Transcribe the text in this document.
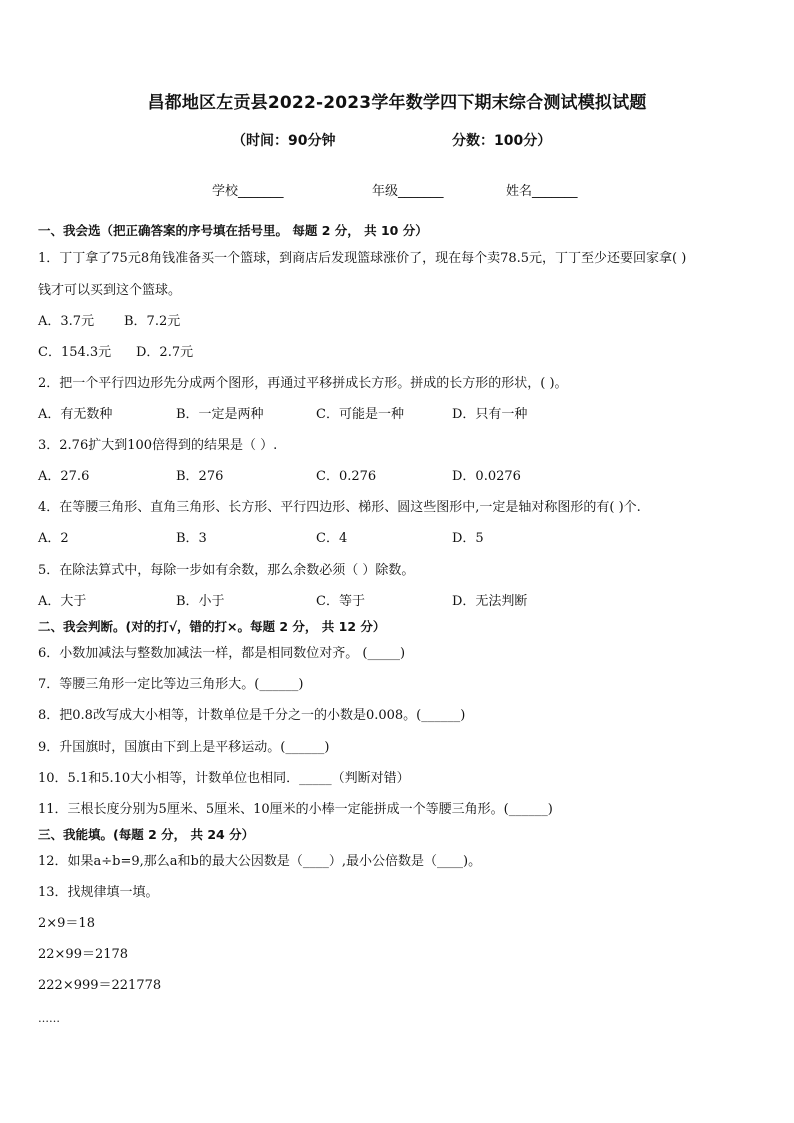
昌都地区左贡县2022-2023学年数学四下期末综合测试模拟试题
（时间：90分钟	分数：100分）
学校_______	年级_______	姓名_______
一、我会选（把正确答案的序号填在括号里。 每题 2 分， 共 10 分）
1．丁丁拿了75元8角钱准备买一个篮球，到商店后发现篮球涨价了，现在每个卖78.5元，丁丁至少还要回家拿( )
钱才可以买到这个篮球。
A．3.7元 B．7.2元
C．154.3元 D．2.7元
2．把一个平行四边形先分成两个图形，再通过平移拼成长方形。拼成的长方形的形状，( )。
A．有无数种	B．一定是两种	C．可能是一种	D．只有一种
3．2.76扩大到100倍得到的结果是（ ）.
A．27.6	B．276	C．0.276	D．0.0276
4．在等腰三角形、直角三角形、长方形、平行四边形、梯形、圆这些图形中,一定是轴对称图形的有( )个.
A．2	B．3	C．4	D．5
5．在除法算式中，每除一步如有余数，那么余数必须（ ）除数。
A．大于	B．小于	C．等于	D．无法判断
二、我会判断。(对的打√，错的打×。每题 2 分， 共 12 分）
6．小数加减法与整数加减法一样，都是相同数位对齐。 (_____)
7．等腰三角形一定比等边三角形大。(______)
8．把0.8改写成大小相等，计数单位是千分之一的小数是0.008。(______)
9．升国旗时，国旗由下到上是平移运动。(______)
10．5.1和5.10大小相等，计数单位也相同．_____（判断对错）
11．三根长度分别为5厘米、5厘米、10厘米的小棒一定能拼成一个等腰三角形。(______)
三、我能填。(每题 2 分， 共 24 分）
12．如果a÷b=9,那么a和b的最大公因数是（____）,最小公倍数是（____)。
13．找规律填一填。
2×9＝18
22×99＝2178
222×999＝221778
……
